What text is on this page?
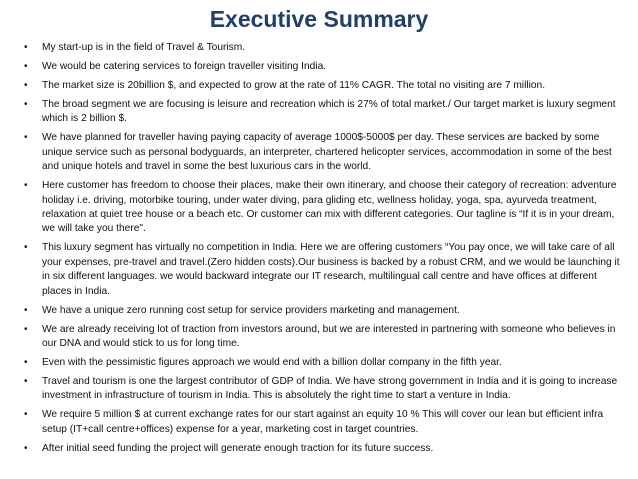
Executive Summary
• My start-up is in the field of Travel & Tourism.
• We would be catering services to foreign traveller visiting India.
• The market size is 20billion $, and expected to grow at the rate of 11% CAGR. The total no visiting are 7 million.
• The broad segment we are focusing is leisure and recreation which is 27% of total market./ Our target market is luxury segment which is 2 billion $.
• We have planned for traveller having paying capacity of average 1000$-5000$ per day. These services are backed by some unique service such as personal bodyguards, an interpreter, chartered helicopter services, accommodation in some of the best and unique hotels and travel in some the best luxurious cars in the world.
• Here customer has freedom to choose their places, make their own itinerary, and choose their category of recreation: adventure holiday i.e. driving, motorbike touring, under water diving, para gliding etc, wellness holiday, yoga, spa, ayurveda treatment, relaxation at quiet tree house or a beach etc. Or customer can mix with different categories. Our tagline is “If it is in your dream, we will take you there".
• This luxury segment has virtually no competition in India. Here we are offering customers “You pay once, we will take care of all your expenses, pre-travel and travel.(Zero hidden costs).Our business is backed by a robust CRM, and we would be launching it in six different languages. we would backward integrate our IT research, multilingual call centre and have offices at different places in India.
• We have a unique zero running cost setup for service providers marketing and management.
• We are already receiving lot of traction from investors around, but we are interested in partnering with someone who believes in our DNA and would stick to us for long time.
• Even with the pessimistic figures approach we would end with a billion dollar company in the fifth year.
• Travel and tourism is one the largest contributor of GDP of India. We have strong government in India and it is going to increase investment in infrastructure of tourism in India. This is absolutely the right time to start a venture in India.
• We require 5 million $ at current exchange rates for our start against an equity 10 % This will cover our lean but efficient infra setup (IT+call centre+offices) expense for a year, marketing cost in target countries.
• After initial seed funding the project will generate enough traction for its future success.
